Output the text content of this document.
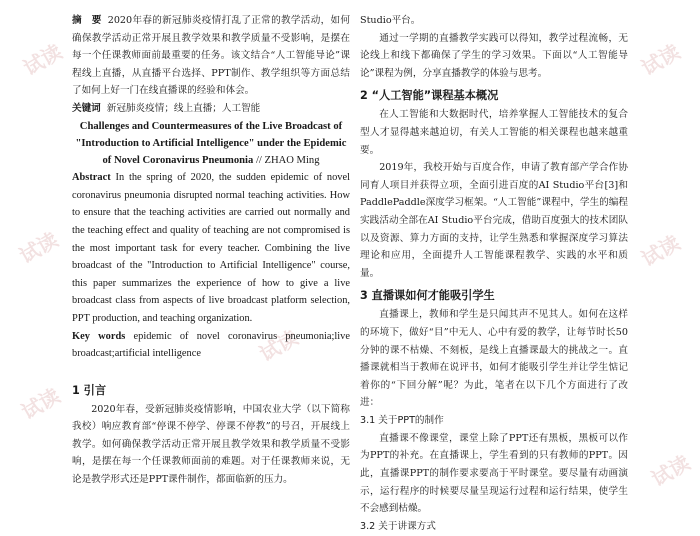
试读
试读
试读
试读
试读
试读
试读

摘　要 2020年春的新冠肺炎疫情打乱了正常的教学活动，如何确保教学活动正常开展且教学效果和教学质量不受影响，是摆在每一个任课教师面前最重要的任务。该文结合“人工智能导论”课程线上直播，从直播平台选择、PPT制作、教学组织等方面总结了如何上好一门在线直播课的经验和体会。

关键词 新冠肺炎疫情；线上直播；人工智能

Challenges and Countermeasures of the Live Broadcast of "Introduction to Artificial Intelligence" under the Epidemic of Novel Coronavirus Pneumonia // ZHAO Ming

Abstract In the spring of 2020, the sudden epidemic of novel coronavirus pneumonia disrupted normal teaching activities. How to ensure that the teaching activities are carried out normally and the teaching effect and quality of teaching are not compromised is the most important task for every teacher. Combining the live broadcast of the "Introduction to Artificial Intelligence" course, this paper summarizes the experience of how to give a live broadcast class from aspects of live broadcast platform selection, PPT production, and teaching organization.

Key words epidemic of novel coronavirus pneumonia;live broadcast;artificial intelligence

1 引言

2020年春，受新冠肺炎疫情影响，中国农业大学（以下简称我校）响应教育部“停课不停学、停课不停教”的号召，开展线上教学。如何确保教学活动正常开展且教学效果和教学质量不受影响，是摆在每一个任课教师面前的难题。对于任课教师来说，无论是教学形式还是PPT课件制作，都面临新的压力。

Studio平台。

通过一学期的直播教学实践可以得知，教学过程流畅，无论线上和线下都确保了学生的学习效果。下面以“人工智能导论”课程为例，分享直播教学的体验与思考。

2 “人工智能”课程基本概况

在人工智能和大数据时代，培养掌握人工智能技术的复合型人才显得越来越迫切，有关人工智能的相关课程也越来越重要。

2019年，我校开始与百度合作，申请了教育部产学合作协同育人项目并获得立项，全面引进百度的AI Studio平台[3]和PaddlePaddle深度学习框架。“人工智能”课程中，学生的编程实践活动全部在AI Studio平台完成，借助百度强大的技术团队以及资源、算力方面的支持，让学生熟悉和掌握深度学习算法理论和应用，全面提升人工智能课程教学、实践的水平和质量。

3 直播课如何才能吸引学生

直播课上，教师和学生是只闻其声不见其人。如何在这样的环境下，做好“目”中无人、心中有爱的教学，让每节时长50分钟的课不枯燥、不刻板，是线上直播课最大的挑战之一。直播课就相当于教师在说评书，如何才能吸引学生并让学生惦记着你的“下回分解”呢？为此，笔者在以下几个方面进行了改进：

3.1 关于PPT的制作

直播课不像课堂，课堂上除了PPT还有黑板，黑板可以作为PPT的补充。在直播课上，学生看到的只有教师的PPT。因此，直播课PPT的制作要求要高于平时课堂。要尽量有动画演示，运行程序的时候要尽量呈现运行过程和运行结果，使学生不会感到枯燥。

3.2 关于讲课方式
